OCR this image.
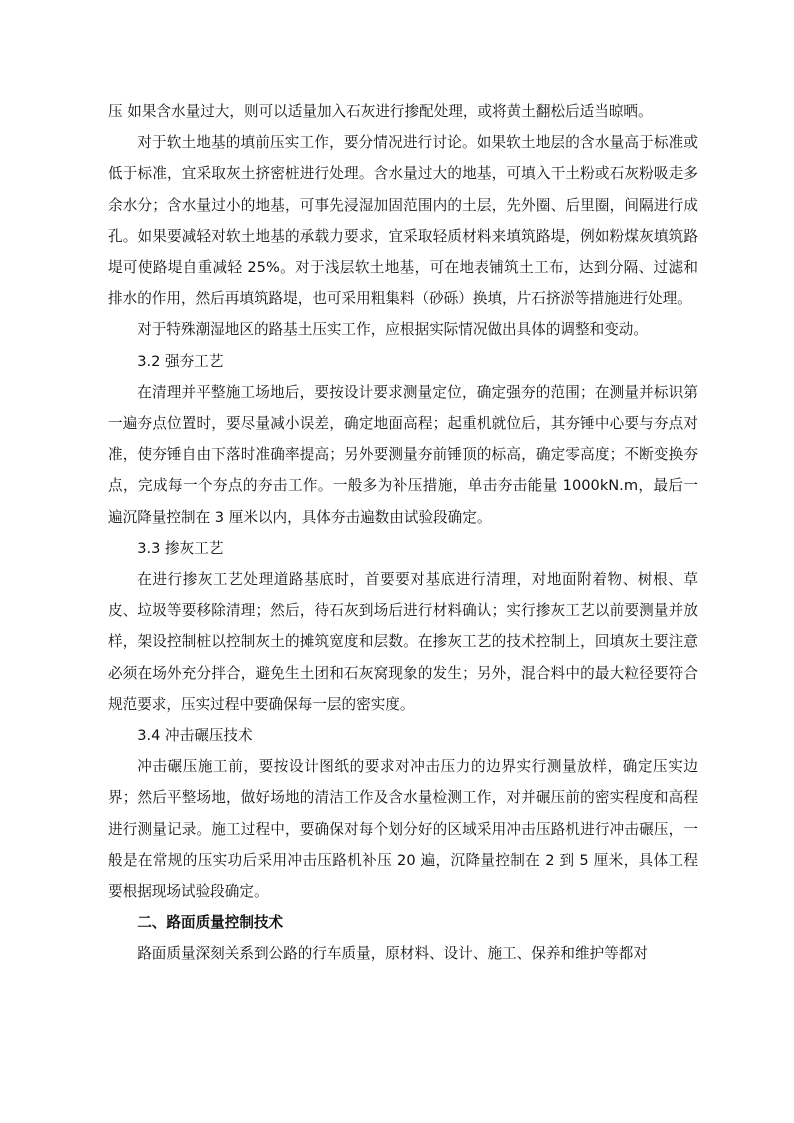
压 如果含水量过大，则可以适量加入石灰进行掺配处理，或将黄土翻松后适当晾晒。

对于软土地基的填前压实工作，要分情况进行讨论。如果软土地层的含水量高于标准或低于标准，宜采取灰土挤密桩进行处理。含水量过大的地基，可填入干土粉或石灰粉吸走多余水分；含水量过小的地基，可事先浸湿加固范围内的土层，先外圈、后里圈，间隔进行成孔。如果要减轻对软土地基的承载力要求，宜采取轻质材料来填筑路堤，例如粉煤灰填筑路堤可使路堤自重减轻 25%。对于浅层软土地基，可在地表铺筑土工布，达到分隔、过滤和排水的作用，然后再填筑路堤，也可采用粗集料（砂砾）换填，片石挤淤等措施进行处理。

对于特殊潮湿地区的路基土压实工作，应根据实际情况做出具体的调整和变动。

3.2 强夯工艺

在清理并平整施工场地后，要按设计要求测量定位，确定强夯的范围；在测量并标识第一遍夯点位置时，要尽量减小误差，确定地面高程；起重机就位后，其夯锤中心要与夯点对准，使夯锤自由下落时准确率提高；另外要测量夯前锤顶的标高，确定零高度；不断变换夯点，完成每一个夯点的夯击工作。一般多为补压措施，单击夯击能量 1000kN.m，最后一遍沉降量控制在 3 厘米以内，具体夯击遍数由试验段确定。

3.3 掺灰工艺

在进行掺灰工艺处理道路基底时，首要要对基底进行清理，对地面附着物、树根、草皮、垃圾等要移除清理；然后，待石灰到场后进行材料确认；实行掺灰工艺以前要测量并放样，架设控制桩以控制灰土的摊筑宽度和层数。在掺灰工艺的技术控制上，回填灰土要注意必须在场外充分拌合，避免生土团和石灰窝现象的发生；另外，混合料中的最大粒径要符合规范要求，压实过程中要确保每一层的密实度。

3.4 冲击碾压技术

冲击碾压施工前，要按设计图纸的要求对冲击压力的边界实行测量放样，确定压实边界；然后平整场地，做好场地的清洁工作及含水量检测工作，对并碾压前的密实程度和高程进行测量记录。施工过程中，要确保对每个划分好的区域采用冲击压路机进行冲击碾压，一般是在常规的压实功后采用冲击压路机补压 20 遍，沉降量控制在 2 到 5 厘米，具体工程要根据现场试验段确定。

二、路面质量控制技术

路面质量深刻关系到公路的行车质量，原材料、设计、施工、保养和维护等都对
